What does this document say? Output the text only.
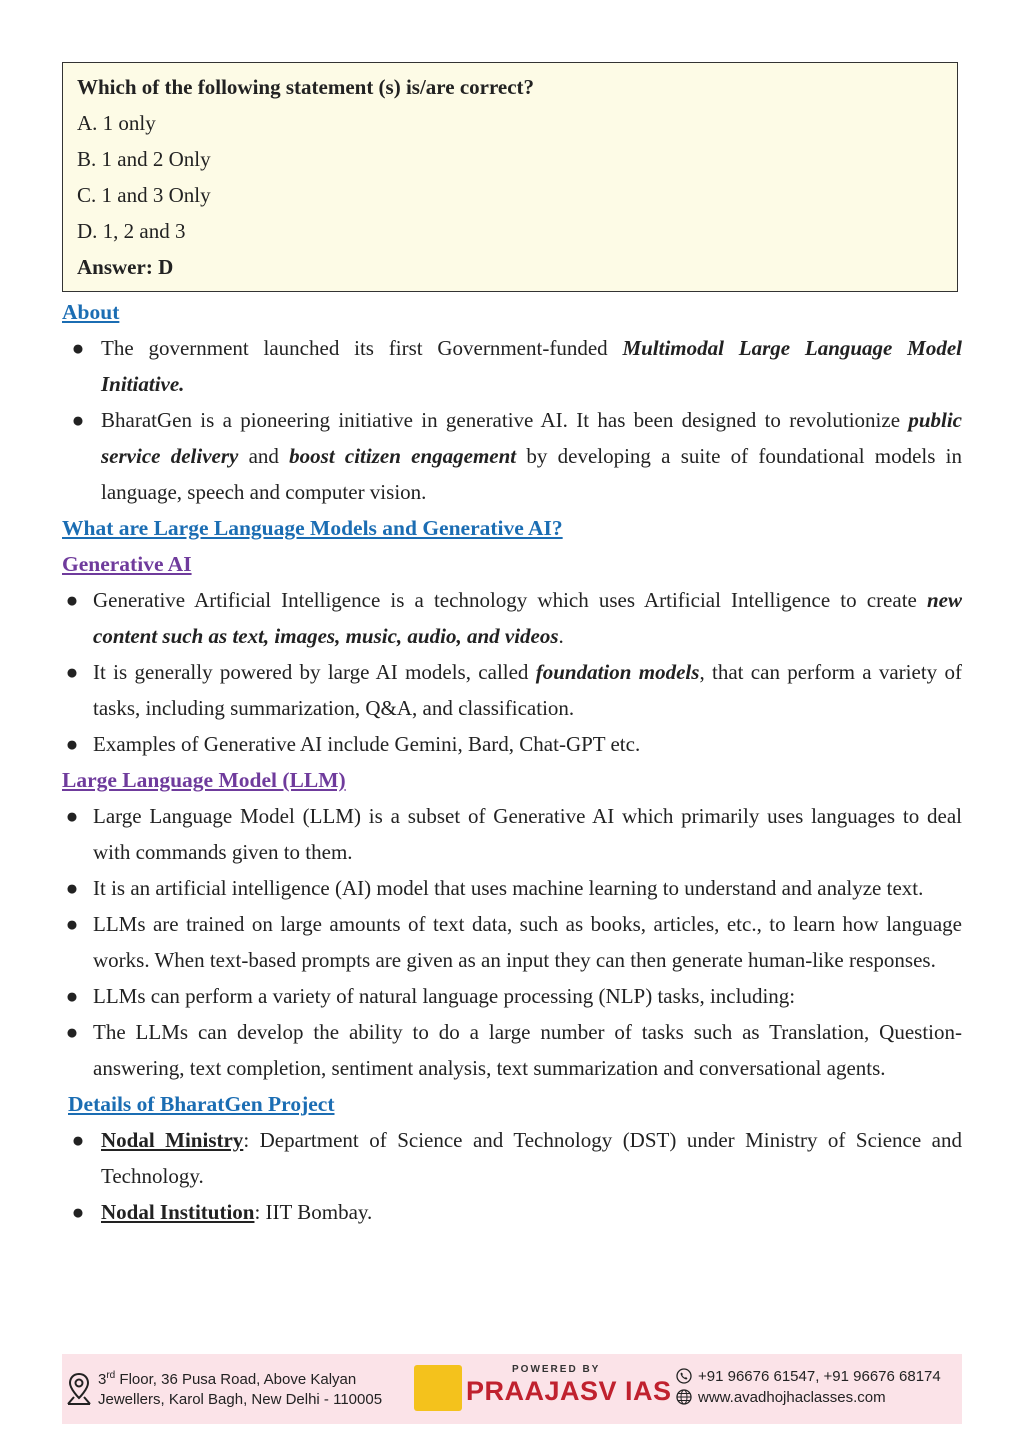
Which of the following statement (s) is/are correct?
A. 1 only
B. 1 and 2 Only
C. 1 and 3 Only
D. 1, 2 and 3
Answer: D
About
● The government launched its first Government-funded Multimodal Large Language Model Initiative.
● BharatGen is a pioneering initiative in generative AI. It has been designed to revolutionize public service delivery and boost citizen engagement by developing a suite of foundational models in language, speech and computer vision.
What are Large Language Models and Generative AI?
Generative AI
● Generative Artificial Intelligence is a technology which uses Artificial Intelligence to create new content such as text, images, music, audio, and videos.
● It is generally powered by large AI models, called foundation models, that can perform a variety of tasks, including summarization, Q&A, and classification.
● Examples of Generative AI include Gemini, Bard, Chat-GPT etc.
Large Language Model (LLM)
● Large Language Model (LLM) is a subset of Generative AI which primarily uses languages to deal with commands given to them.
● It is an artificial intelligence (AI) model that uses machine learning to understand and analyze text.
● LLMs are trained on large amounts of text data, such as books, articles, etc., to learn how language works. When text-based prompts are given as an input they can then generate human-like responses.
● LLMs can perform a variety of natural language processing (NLP) tasks, including:
● The LLMs can develop the ability to do a large number of tasks such as Translation, Question-answering, text completion, sentiment analysis, text summarization and conversational agents.
Details of BharatGen Project
● Nodal Ministry: Department of Science and Technology (DST) under Ministry of Science and Technology.
● Nodal Institution: IIT Bombay.
3rd Floor, 36 Pusa Road, Above Kalyan
Jewellers, Karol Bagh, New Delhi - 110005
POWERED BY
PRAAJASV IAS	+91 96676 61547, +91 96676 68174
www.avadhojhaclasses.com
